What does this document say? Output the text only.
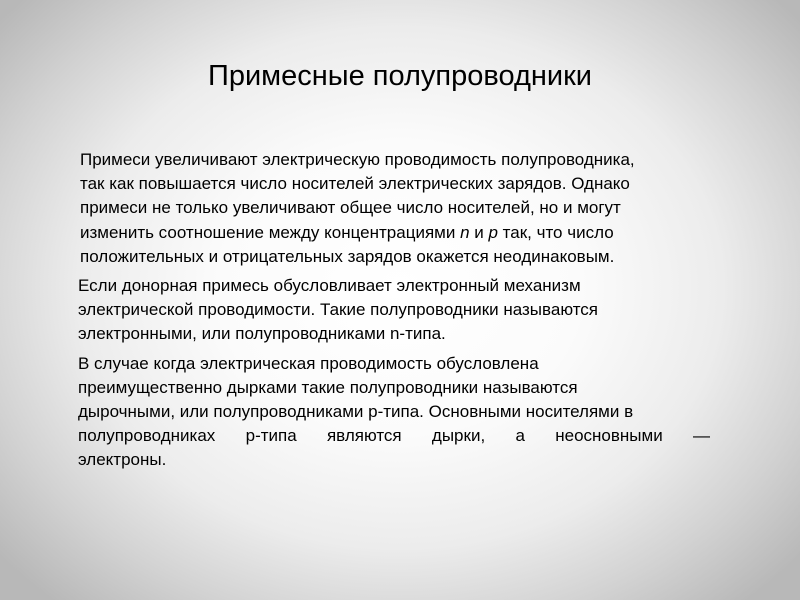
Примесные полупроводники

Примеси увеличивают электрическую проводимость полупроводника,
так как повышается число носителей электрических зарядов. Однако
примеси не только увеличивают общее число носителей, но и могут
изменить соотношение между концентрациями n и p так, что число
положительных и отрицательных зарядов окажется неодинаковым.

Если донорная примесь обусловливает электронный механизм
электрической проводимости. Такие полупроводники называются
электронными, или полупроводниками n-типа.

В случае когда электрическая проводимость обусловлена
преимущественно дырками такие полупроводники называются
дырочными, или полупроводниками p-типа. Основными носителями в
полупроводниках p-типа являются дырки, а неосновными —
электроны.
